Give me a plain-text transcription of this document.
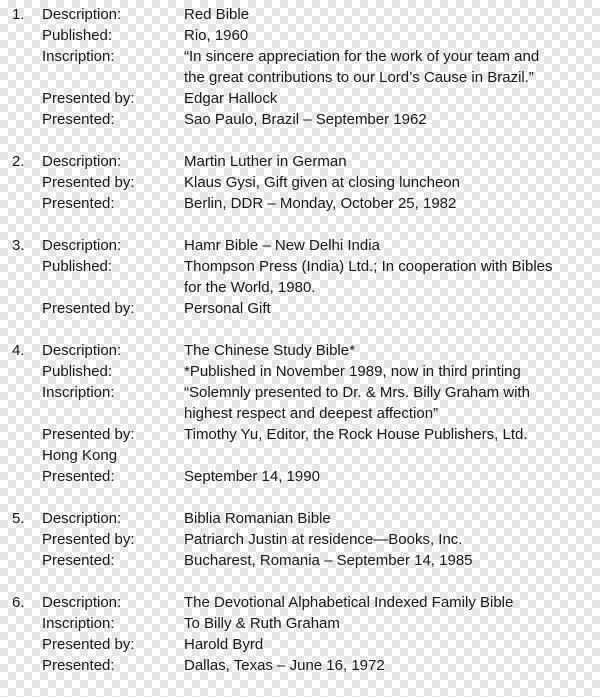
1. Description:	Red Bible
Published:	Rio, 1960
Inscription:	“In sincere appreciation for the work of your team and
the great contributions to our Lord’s Cause in Brazil.”
Presented by:	Edgar Hallock
Presented:	Sao Paulo, Brazil – September 1962
2. Description:	Martin Luther in German
Presented by:	Klaus Gysi, Gift given at closing luncheon
Presented:	Berlin, DDR – Monday, October 25, 1982
3. Description:	Hamr Bible – New Delhi India
Published:	Thompson Press (India) Ltd.; In cooperation with Bibles
for the World, 1980.
Presented by:	Personal Gift
4. Description:	The Chinese Study Bible*
Published:	*Published in November 1989, now in third printing
Inscription:	“Solemnly presented to Dr. & Mrs. Billy Graham with
highest respect and deepest affection”
Presented by:	Timothy Yu, Editor, the Rock House Publishers, Ltd.
Hong Kong
Presented:	September 14, 1990
5. Description:	Biblia Romanian Bible
Presented by:	Patriarch Justin at residence—Books, Inc.
Presented:	Bucharest, Romania – September 14, 1985
6. Description:	The Devotional Alphabetical Indexed Family Bible
Inscription:	To Billy & Ruth Graham
Presented by:	Harold Byrd
Presented:	Dallas, Texas – June 16, 1972
